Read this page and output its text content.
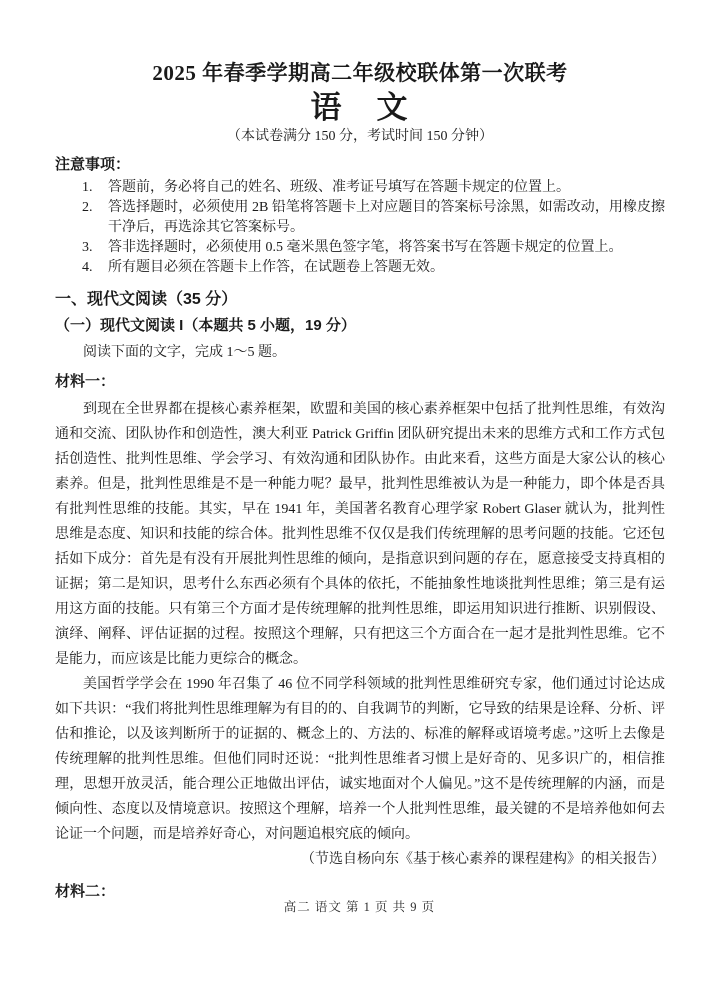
2025 年春季学期高二年级校联体第一次联考
语　文
（本试卷满分 150 分，考试时间 150 分钟）
注意事项：
1. 答题前，务必将自己的姓名、班级、准考证号填写在答题卡规定的位置上。
2. 答选择题时，必须使用 2B 铅笔将答题卡上对应题目的答案标号涂黑，如需改动，用橡皮擦干净后，再选涂其它答案标号。
3. 答非选择题时，必须使用 0.5 毫米黑色签字笔，将答案书写在答题卡规定的位置上。
4. 所有题目必须在答题卡上作答，在试题卷上答题无效。
一、现代文阅读（35 分）
（一）现代文阅读 I（本题共 5 小题，19 分）
阅读下面的文字，完成 1～5 题。
材料一：

到现在全世界都在提核心素养框架，欧盟和美国的核心素养框架中包括了批判性思维，有效沟通和交流、团队协作和创造性，澳大利亚 Patrick Griffin 团队研究提出未来的思维方式和工作方式包括创造性、批判性思维、学会学习、有效沟通和团队协作。由此来看，这些方面是大家公认的核心素养。但是，批判性思维是不是一种能力呢？最早，批判性思维被认为是一种能力，即个体是否具有批判性思维的技能。其实，早在 1941 年，美国著名教育心理学家 Robert Glaser 就认为，批判性思维是态度、知识和技能的综合体。批判性思维不仅仅是我们传统理解的思考问题的技能。它还包括如下成分：首先是有没有开展批判性思维的倾向，是指意识到问题的存在，愿意接受支持真相的证据；第二是知识，思考什么东西必须有个具体的依托，不能抽象性地谈批判性思维；第三是有运用这方面的技能。只有第三个方面才是传统理解的批判性思维，即运用知识进行推断、识别假设、演绎、阐释、评估证据的过程。按照这个理解，只有把这三个方面合在一起才是批判性思维。它不是能力，而应该是比能力更综合的概念。

美国哲学学会在 1990 年召集了 46 位不同学科领域的批判性思维研究专家，他们通过讨论达成如下共识：“我们将批判性思维理解为有目的的、自我调节的判断，它导致的结果是诠释、分析、评估和推论，以及该判断所于的证据的、概念上的、方法的、标准的解释或语境考虑。”这听上去像是传统理解的批判性思维。但他们同时还说：“批判性思维者习惯上是好奇的、见多识广的，相信推理，思想开放灵活，能合理公正地做出评估，诚实地面对个人偏见。”这不是传统理解的内涵，而是倾向性、态度以及情境意识。按照这个理解，培养一个人批判性思维，最关键的不是培养他如何去论证一个问题，而是培养好奇心，对问题追根究底的倾向。

（节选自杨向东《基于核心素养的课程建构》的相关报告）

材料二：
高二 语文 第 1 页 共 9 页
